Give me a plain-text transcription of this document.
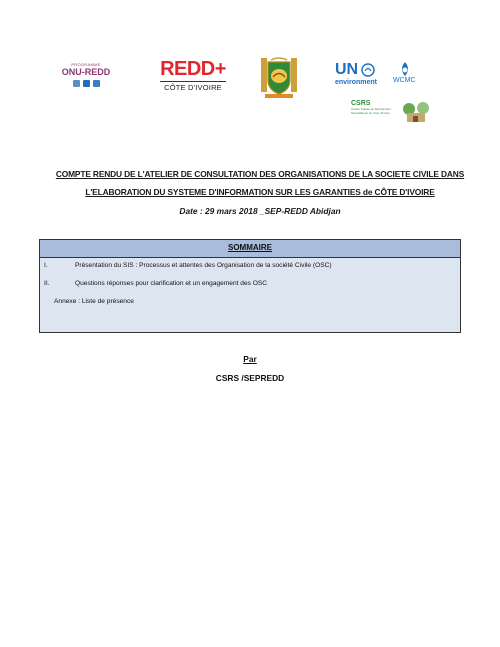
PROGRAMME
ONU-REDD REDD+
CÔTE D'IVOIRE
UN
environment	WCMC
CSRS
Centre Suisse de Recherches Scientifiques en Côte d'Ivoire
COMPTE RENDU DE L'ATELIER DE CONSULTATION DES ORGANISATIONS DE LA SOCIETE CIVILE DANS
L'ELABORATION DU SYSTEME D'INFORMATION SUR LES GARANTIES de CÔTE D'IVOIRE
Date : 29 mars 2018 _SEP-REDD Abidjan
SOMMAIRE
I.	Présentation du SIS : Processus et attentes des Organisation de la société Civile (OSC)
II.	Questions réponses pour clarification et un engagement des OSC
Annexe : Liste de présence
Par
CSRS /SEPREDD
